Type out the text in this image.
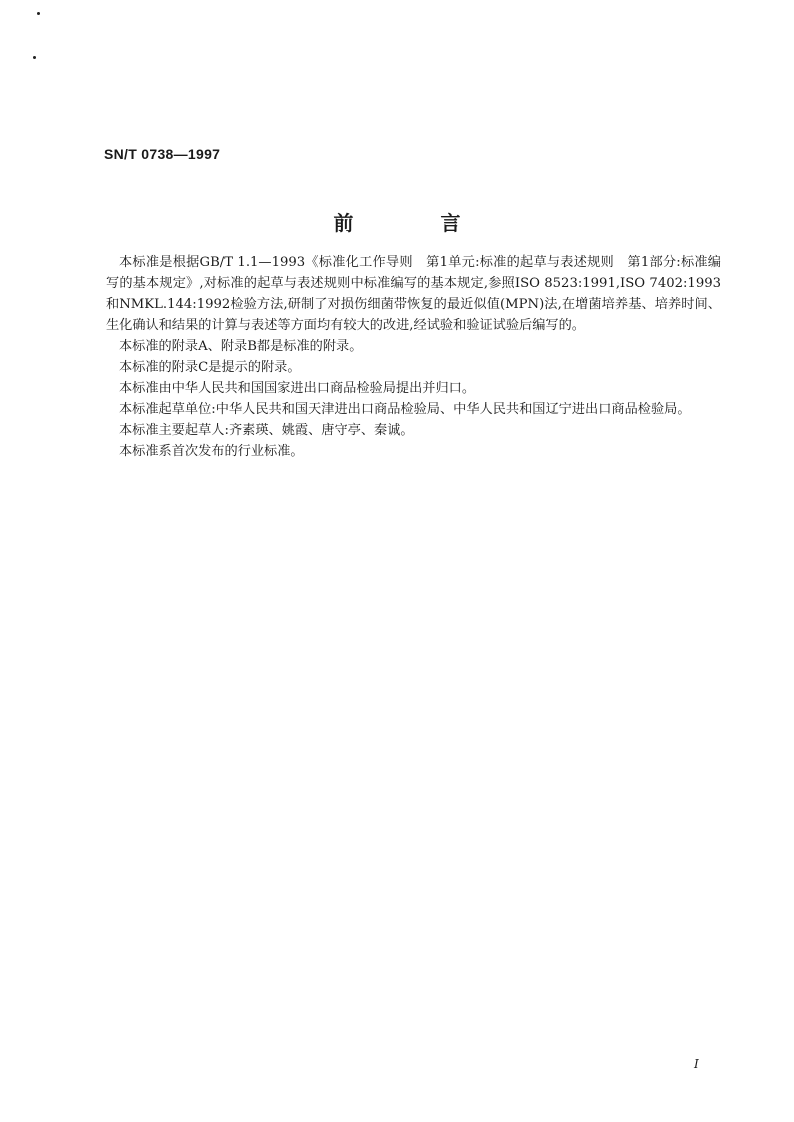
SN/T 0738—1997
前 言

本标准是根据GB/T 1.1—1993《标准化工作导则　第1单元:标准的起草与表述规则　第1部分:标准编写的基本规定》,对标准的起草与表述规则中标准编写的基本规定,参照ISO 8523:1991,ISO 7402:1993和NMKL.144:1992检验方法,研制了对损伤细菌带恢复的最近似值(MPN)法,在增菌培养基、培养时间、生化确认和结果的计算与表述等方面均有较大的改进,经试验和验证试验后编写的。

本标准的附录A、附录B都是标准的附录。

本标准的附录C是提示的附录。

本标准由中华人民共和国国家进出口商品检验局提出并归口。

本标准起草单位:中华人民共和国天津进出口商品检验局、中华人民共和国辽宁进出口商品检验局。

本标准主要起草人:齐素瑛、姚霞、唐守亭、秦诚。

本标准系首次发布的行业标准。

I
